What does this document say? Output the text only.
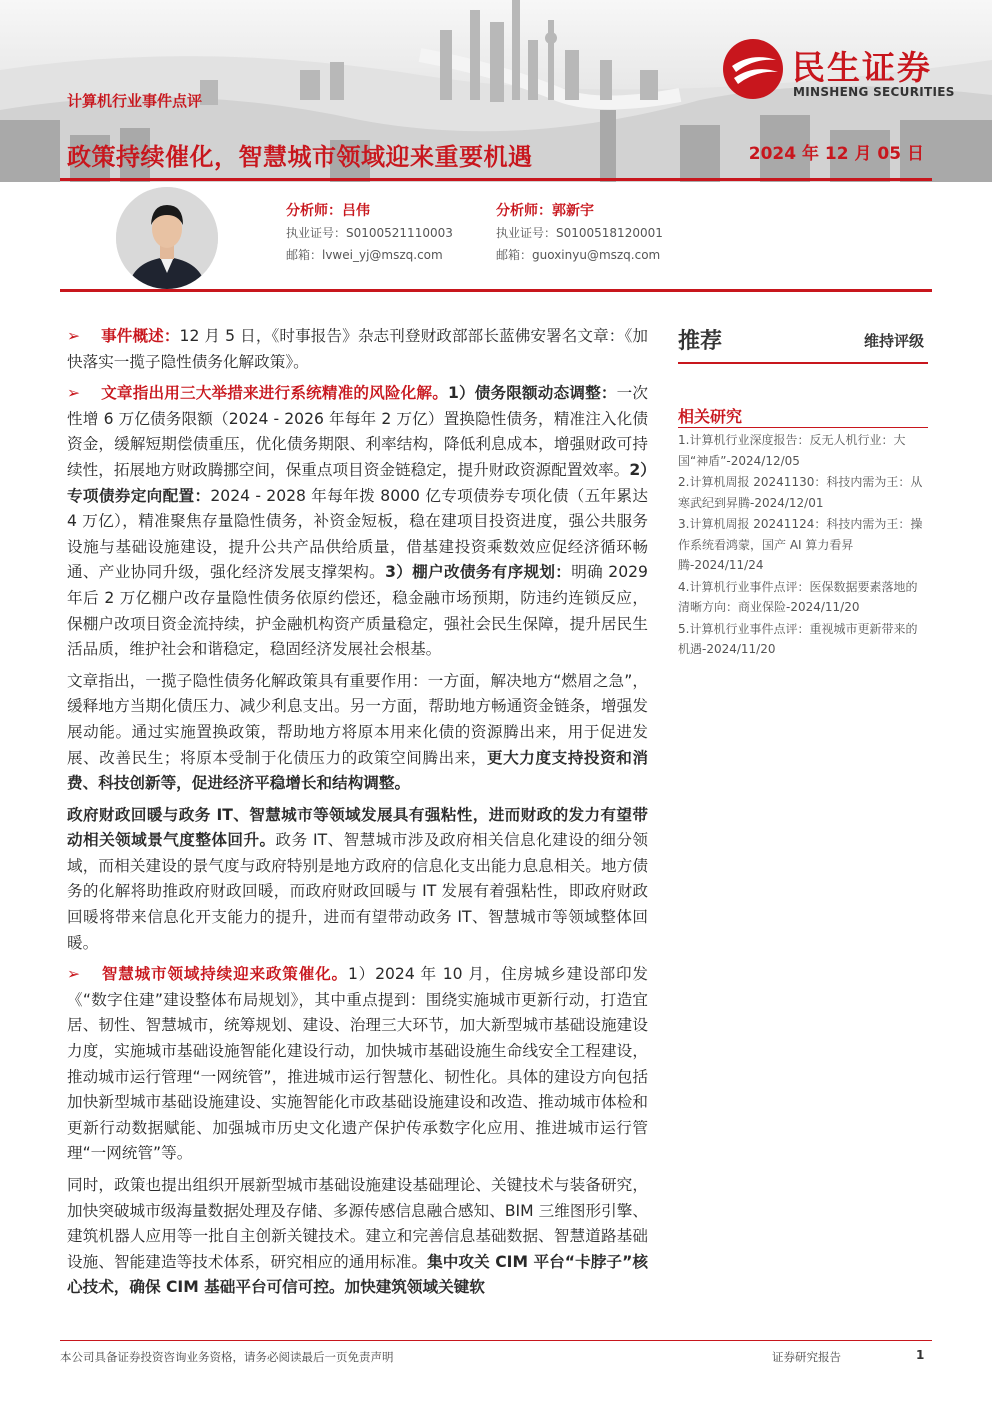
民生证券
MINSHENG SECURITIES
计算机行业事件点评
政策持续催化，智慧城市领域迎来重要机遇	2024 年 12 月 05 日
分析师：吕伟
执业证号：S0100521110003
邮箱：lvwei_yj@mszq.com
分析师：郭新宇
执业证号：S0100518120001
邮箱：guoxinyu@mszq.com

➢ 事件概述：12 月 5 日，《时事报告》杂志刊登财政部部长蓝佛安署名文章：《加快落实一揽子隐性债务化解政策》。

➢ 文章指出用三大举措来进行系统精准的风险化解。1）债务限额动态调整：一次性增 6 万亿债务限额（2024 - 2026 年每年 2 万亿）置换隐性债务，精准注入化债资金，缓解短期偿债重压，优化债务期限、利率结构，降低利息成本，增强财政可持续性，拓展地方财政腾挪空间，保重点项目资金链稳定，提升财政资源配置效率。2）专项债券定向配置：2024 - 2028 年每年拨 8000 亿专项债券专项化债（五年累达 4 万亿），精准聚焦存量隐性债务，补资金短板，稳在建项目投资进度，强公共服务设施与基础设施建设，提升公共产品供给质量，借基建投资乘数效应促经济循环畅通、产业协同升级，强化经济发展支撑架构。3）棚户改债务有序规划：明确 2029 年后 2 万亿棚户改存量隐性债务依原约偿还，稳金融市场预期，防违约连锁反应，保棚户改项目资金流持续，护金融机构资产质量稳定，强社会民生保障，提升居民生活品质，维护社会和谐稳定，稳固经济发展社会根基。

文章指出，一揽子隐性债务化解政策具有重要作用：一方面，解决地方“燃眉之急”，缓释地方当期化债压力、减少利息支出。另一方面，帮助地方畅通资金链条，增强发展动能。通过实施置换政策，帮助地方将原本用来化债的资源腾出来，用于促进发展、改善民生；将原本受制于化债压力的政策空间腾出来，更大力度支持投资和消费、科技创新等，促进经济平稳增长和结构调整。

政府财政回暖与政务 IT、智慧城市等领域发展具有强粘性，进而财政的发力有望带动相关领域景气度整体回升。政务 IT、智慧城市涉及政府相关信息化建设的细分领域，而相关建设的景气度与政府特别是地方政府的信息化支出能力息息相关。地方债务的化解将助推政府财政回暖，而政府财政回暖与 IT 发展有着强粘性，即政府财政回暖将带来信息化开支能力的提升，进而有望带动政务 IT、智慧城市等领域整体回暖。

➢ 智慧城市领域持续迎来政策催化。1）2024 年 10 月，住房城乡建设部印发《“数字住建”建设整体布局规划》，其中重点提到：围绕实施城市更新行动，打造宜居、韧性、智慧城市，统筹规划、建设、治理三大环节，加大新型城市基础设施建设力度，实施城市基础设施智能化建设行动，加快城市基础设施生命线安全工程建设，推动城市运行管理“一网统管”，推进城市运行智慧化、韧性化。具体的建设方向包括加快新型城市基础设施建设、实施智能化市政基础设施建设和改造、推动城市体检和更新行动数据赋能、加强城市历史文化遗产保护传承数字化应用、推进城市运行管理“一网统管”等。

同时，政策也提出组织开展新型城市基础设施建设基础理论、关键技术与装备研究，加快突破城市级海量数据处理及存储、多源传感信息融合感知、BIM 三维图形引擎、建筑机器人应用等一批自主创新关键技术。建立和完善信息基础数据、智慧道路基础设施、智能建造等技术体系，研究相应的通用标准。集中攻关 CIM 平台“卡脖子”核心技术，确保 CIM 基础平台可信可控。加快建筑领域关键软

推荐	维持评级
相关研究
1.计算机行业深度报告：反无人机行业：大国“神盾”-2024/12/05
2.计算机周报 20241130：科技内需为王：从寒武纪到昇腾-2024/12/01
3.计算机周报 20241124：科技内需为王：操作系统看鸿蒙，国产 AI 算力看昇腾-2024/11/24
4.计算机行业事件点评：医保数据要素落地的清晰方向：商业保险-2024/11/20
5.计算机行业事件点评：重视城市更新带来的机遇-2024/11/20
本公司具备证券投资咨询业务资格，请务必阅读最后一页免责声明	证券研究报告	1
